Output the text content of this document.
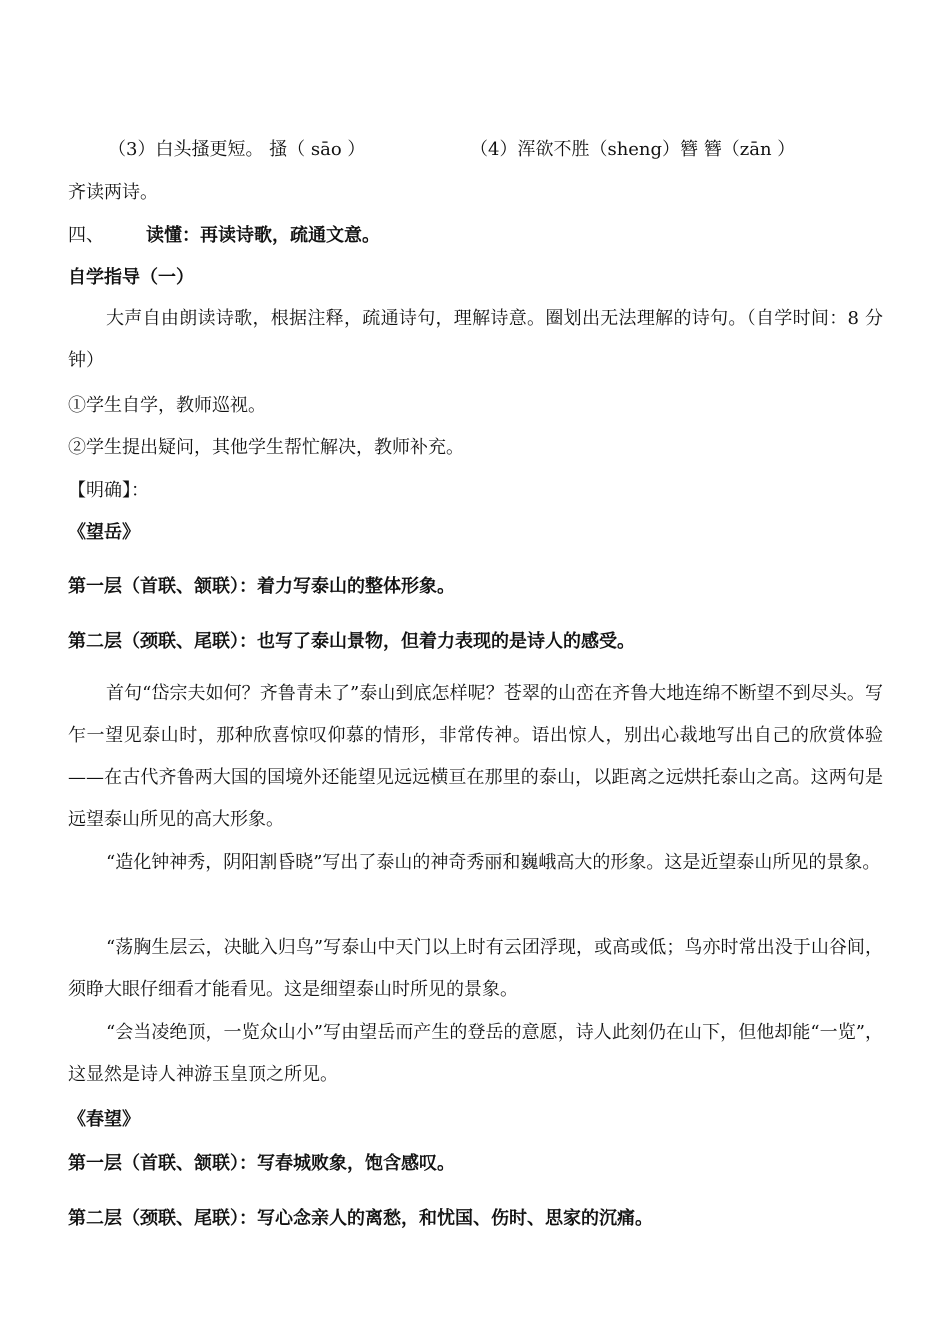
（3）白头搔更短。 搔（ sāo ）	（4）浑欲不胜（sheng）簪 簪（zān ）
齐读两诗。
四、 读懂：再读诗歌，疏通文意。
自学指导（一）
大声自由朗读诗歌，根据注释，疏通诗句，理解诗意。圈划出无法理解的诗句。（自学时间：8 分钟）
①学生自学，教师巡视。
②学生提出疑问，其他学生帮忙解决，教师补充。
【明确】：
《望岳》
第一层（首联、颔联）：着力写泰山的整体形象。
第二层（颈联、尾联）：也写了泰山景物，但着力表现的是诗人的感受。
首句“岱宗夫如何？齐鲁青未了”泰山到底怎样呢？苍翠的山峦在齐鲁大地连绵不断望不到尽头。写乍一望见泰山时，那种欣喜惊叹仰慕的情形，非常传神。语出惊人，别出心裁地写出自己的欣赏体验——在古代齐鲁两大国的国境外还能望见远远横亘在那里的泰山，以距离之远烘托泰山之高。这两句是远望泰山所见的高大形象。
“造化钟神秀，阴阳割昏晓”写出了泰山的神奇秀丽和巍峨高大的形象。这是近望泰山所见的景象。
“荡胸生层云，决眦入归鸟”写泰山中天门以上时有云团浮现，或高或低；鸟亦时常出没于山谷间，须睁大眼仔细看才能看见。这是细望泰山时所见的景象。
“会当凌绝顶，一览众山小”写由望岳而产生的登岳的意愿，诗人此刻仍在山下，但他却能“一览”，这显然是诗人神游玉皇顶之所见。
《春望》
第一层（首联、颔联）：写春城败象，饱含感叹。
第二层（颈联、尾联）：写心念亲人的离愁，和忧国、伤时、思家的沉痛。
